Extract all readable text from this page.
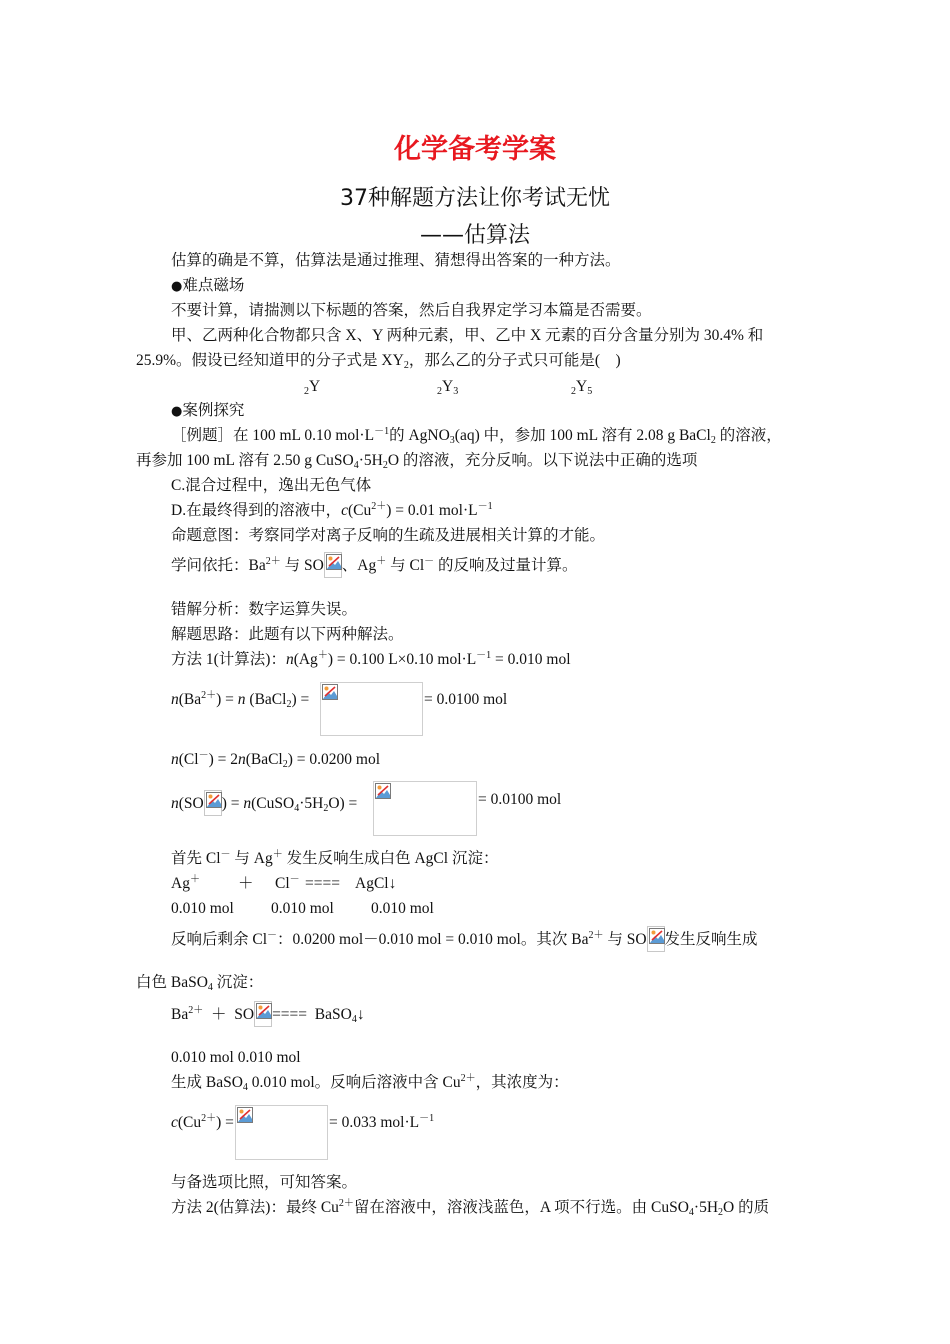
化学备考学案
37种解题方法让你考试无忧
——估算法
估算的确是不算，估算法是通过推理、猜想得出答案的一种方法。
●难点磁场
不要计算，请揣测以下标题的答案，然后自我界定学习本篇是否需要。
甲、乙两种化合物都只含 X、Y 两种元素，甲、乙中 X 元素的百分含量分别为 30.4% 和
25.9%。假设已经知道甲的分子式是 $XY_2$，那么乙的分子式只可能是(　)
$_2$Y	$_2Y_3$	$_2Y_5$
●案例探究
［例题］在 100 mL 0.10 $mol\cdot L^{-1}$的 AgNO$_3$(aq) 中，参加 100 mL 溶有 2.08 g BaCl$_2$ 的溶液，
再参加 100 mL 溶有 2.50 g $CuSO_4\cdot 5H_2O$ 的溶液，充分反响。以下说法中正确的选项
C.混合过程中，逸出无色气体
D.在最终得到的溶液中，$c(Cu^{2+}) = 0.01$ $mol\cdot L^{-1}$
命题意图：考察同学对离子反响的生疏及进展相关计算的才能。
学问依托：$Ba^{2+}$ 与 SO 、Ag＋ 与 Cl－ 的反响及过量计算。
错解分析：数字运算失误。
解题思路：此题有以下两种解法。
方法 1(计算法)：n(Ag＋) = 0.100 L×0.10 $mol\cdot L^{-1} = 0.010$ mol
$n(Ba^{2+}) = n$ (BaCl$_2$) =	= 0.0100 mol
n(Cl－) = 2n(BaCl$_2$) = 0.0200 mol
n(SO ) = $n(CuSO_4\cdot 5H_2O)$ =	= 0.0100 mol
首先 Cl－ 与 Ag＋ 发生反响生成白色 AgCl 沉淀：
Ag＋ ＋ Cl－ ==== AgCl↓
0.010 mol 0.010 mol 0.010 mol
反响后剩余 Cl－：0.0200 mol－0.010 mol = 0.010 mol。其次 $Ba^{2+}$ 与 SO 发生反响生成
白色 BaSO$_4$ 沉淀：
$Ba^{2+}$ ＋ SO ==== BaSO$_4$↓
0.010 mol 0.010 mol
生成 BaSO$_4$ 0.010 mol。反响后溶液中含 $Cu^{2+}$，其浓度为：
$c(Cu^{2+})$ =	= 0.033 $mol\cdot L^{-1}$
与备选项比照，可知答案。
方法 2(估算法)：最终 $Cu^{2+}$留在溶液中，溶液浅蓝色，A 项不行选。由 $CuSO_4\cdot 5H_2O$ 的质
